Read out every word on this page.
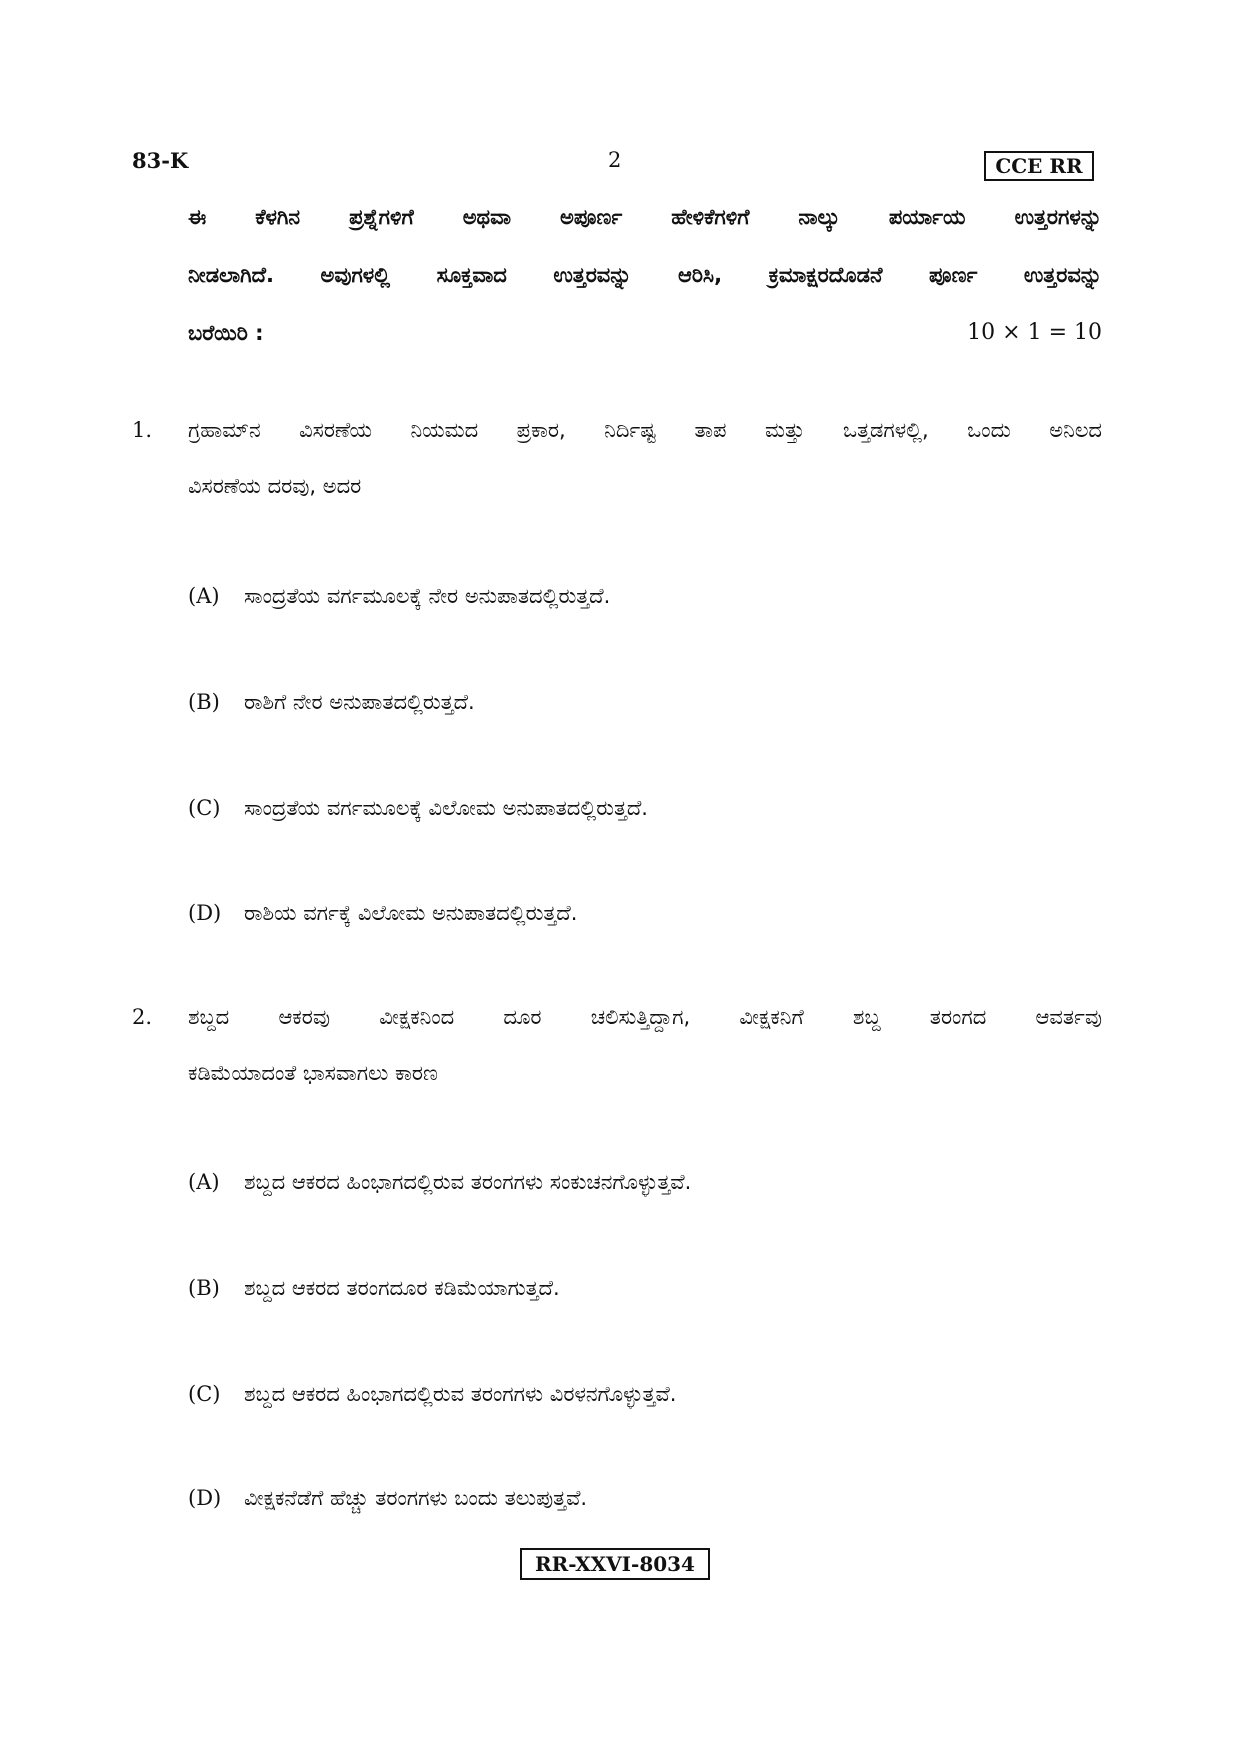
83-K	2	CCE RR
ಈ ಕೆಳಗಿನ ಪ್ರಶ್ನೆಗಳಿಗೆ ಅಥವಾ ಅಪೂರ್ಣ ಹೇಳಿಕೆಗಳಿಗೆ ನಾಲ್ಕು ಪರ್ಯಾಯ ಉತ್ತರಗಳನ್ನು
ನೀಡಲಾಗಿದೆ. ಅವುಗಳಲ್ಲಿ ಸೂಕ್ತವಾದ ಉತ್ತರವನ್ನು ಆರಿಸಿ, ಕ್ರಮಾಕ್ಷರದೊಡನೆ ಪೂರ್ಣ ಉತ್ತರವನ್ನು
ಬರೆಯಿರಿ :	10 × 1 = 10
1. ಗ್ರಹಾಮ್‌ನ ವಿಸರಣೆಯ ನಿಯಮದ ಪ್ರಕಾರ, ನಿರ್ದಿಷ್ಟ ತಾಪ ಮತ್ತು ಒತ್ತಡಗಳಲ್ಲಿ, ಒಂದು ಅನಿಲದ
ವಿಸರಣೆಯ ದರವು, ಅದರ
(A) ಸಾಂದ್ರತೆಯ ವರ್ಗಮೂಲಕ್ಕೆ ನೇರ ಅನುಪಾತದಲ್ಲಿರುತ್ತದೆ.
(B) ರಾಶಿಗೆ ನೇರ ಅನುಪಾತದಲ್ಲಿರುತ್ತದೆ.
(C) ಸಾಂದ್ರತೆಯ ವರ್ಗಮೂಲಕ್ಕೆ ವಿಲೋಮ ಅನುಪಾತದಲ್ಲಿರುತ್ತದೆ.
(D) ರಾಶಿಯ ವರ್ಗಕ್ಕೆ ವಿಲೋಮ ಅನುಪಾತದಲ್ಲಿರುತ್ತದೆ.
2. ಶಬ್ದದ ಆಕರವು ವೀಕ್ಷಕನಿಂದ ದೂರ ಚಲಿಸುತ್ತಿದ್ದಾಗ, ವೀಕ್ಷಕನಿಗೆ ಶಬ್ದ ತರಂಗದ ಆವರ್ತವು
ಕಡಿಮೆಯಾದಂತೆ ಭಾಸವಾಗಲು ಕಾರಣ
(A) ಶಬ್ದದ ಆಕರದ ಹಿಂಭಾಗದಲ್ಲಿರುವ ತರಂಗಗಳು ಸಂಕುಚನಗೊಳ್ಳುತ್ತವೆ.
(B) ಶಬ್ದದ ಆಕರದ ತರಂಗದೂರ ಕಡಿಮೆಯಾಗುತ್ತದೆ.
(C) ಶಬ್ದದ ಆಕರದ ಹಿಂಭಾಗದಲ್ಲಿರುವ ತರಂಗಗಳು ವಿರಳನಗೊಳ್ಳುತ್ತವೆ.
(D) ವೀಕ್ಷಕನೆಡೆಗೆ ಹೆಚ್ಚು ತರಂಗಗಳು ಬಂದು ತಲುಪುತ್ತವೆ.
RR-XXVI-8034
